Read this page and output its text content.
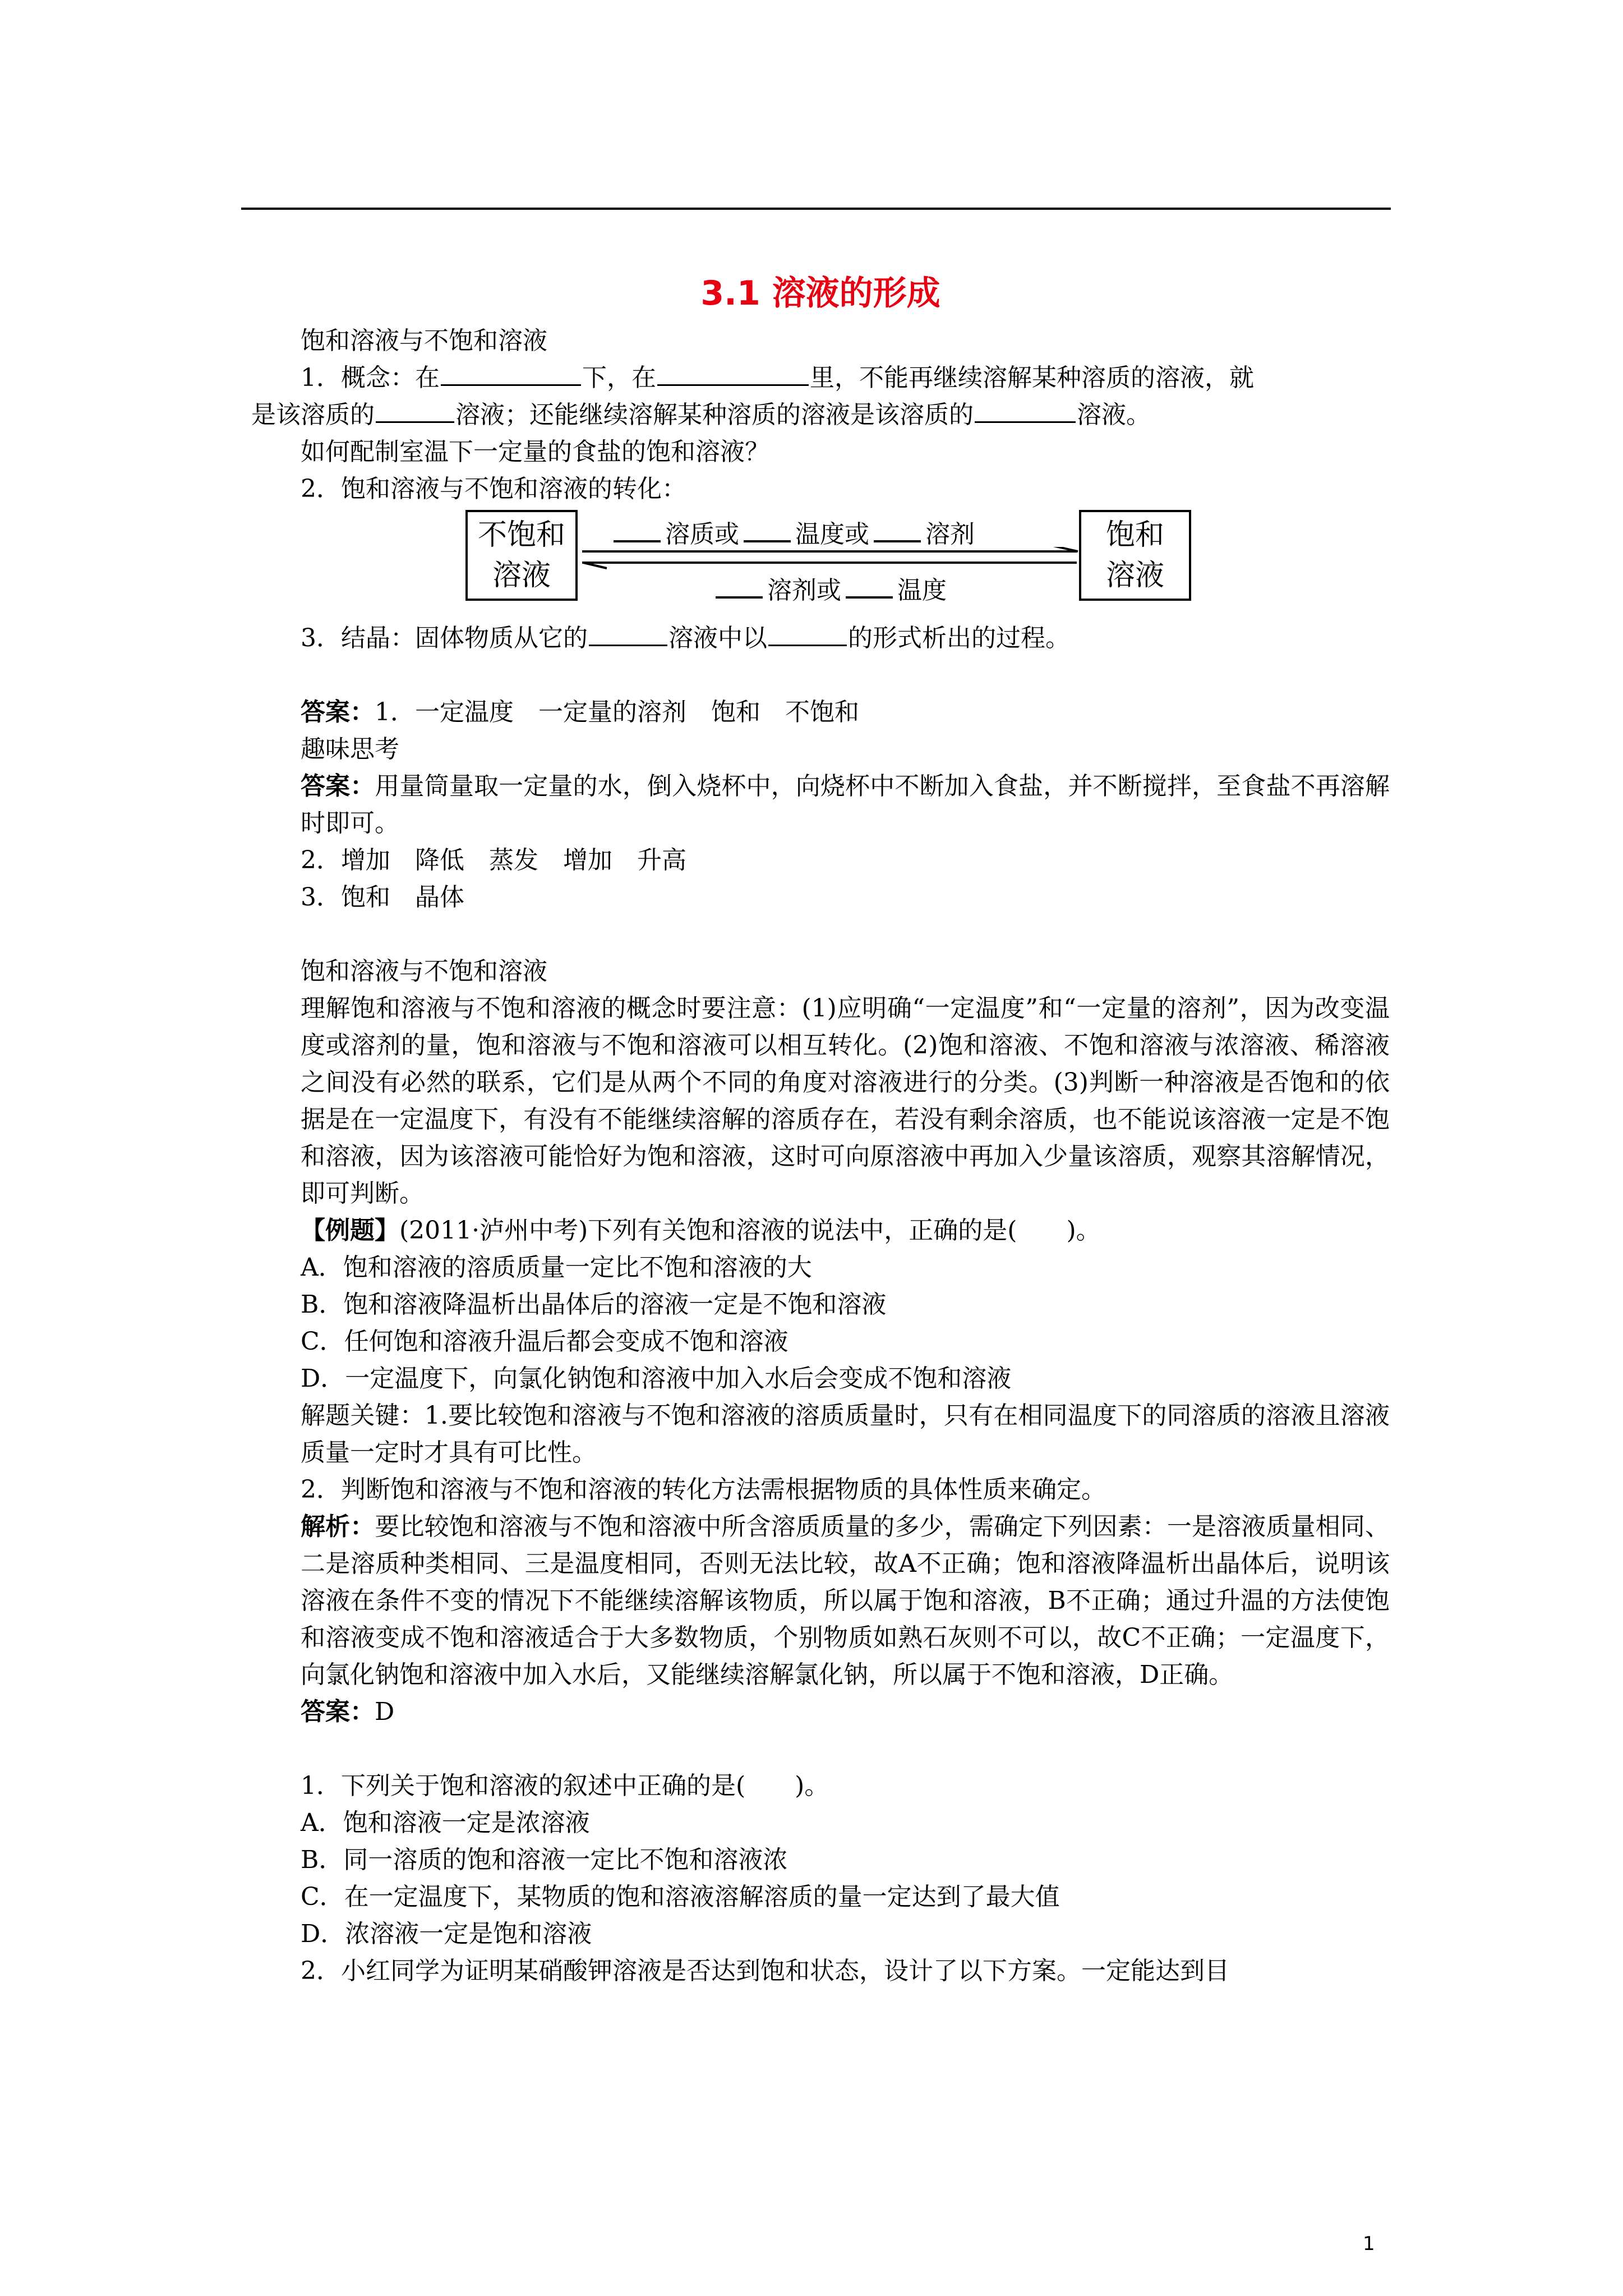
3.1 溶液的形成
饱和溶液与不饱和溶液
1．概念：在	下，在	里，不能再继续溶解某种溶质的溶液，就
是该溶质的	溶液；还能继续溶解某种溶质的溶液是该溶质的	溶液。
如何配制室温下一定量的食盐的饱和溶液？
2．饱和溶液与不饱和溶液的转化：
不饱和
溶液
溶质或 温度或 溶剂
溶剂或 温度
饱和
溶液
3．结晶：固体物质从它的	溶液中以	的形式析出的过程。
答案：1．一定温度　一定量的溶剂　饱和　不饱和
趣味思考
答案：用量筒量取一定量的水，倒入烧杯中，向烧杯中不断加入食盐，并不断搅拌，至食盐不再溶解时即可。
2．增加　降低　蒸发　增加　升高
3．饱和　晶体
饱和溶液与不饱和溶液
理解饱和溶液与不饱和溶液的概念时要注意：(1)应明确“一定温度”和“一定量的溶剂”，因为改变温度或溶剂的量，饱和溶液与不饱和溶液可以相互转化。(2)饱和溶液、不饱和溶液与浓溶液、稀溶液之间没有必然的联系，它们是从两个不同的角度对溶液进行的分类。(3)判断一种溶液是否饱和的依据是在一定温度下，有没有不能继续溶解的溶质存在，若没有剩余溶质，也不能说该溶液一定是不饱和溶液，因为该溶液可能恰好为饱和溶液，这时可向原溶液中再加入少量该溶质，观察其溶解情况，即可判断。
【例题】(2011·泸州中考)下列有关饱和溶液的说法中，正确的是(　　)。
A．饱和溶液的溶质质量一定比不饱和溶液的大
B．饱和溶液降温析出晶体后的溶液一定是不饱和溶液
C．任何饱和溶液升温后都会变成不饱和溶液
D．一定温度下，向氯化钠饱和溶液中加入水后会变成不饱和溶液
解题关键：1.要比较饱和溶液与不饱和溶液的溶质质量时，只有在相同温度下的同溶质的溶液且溶液质量一定时才具有可比性。
2．判断饱和溶液与不饱和溶液的转化方法需根据物质的具体性质来确定。
解析：要比较饱和溶液与不饱和溶液中所含溶质质量的多少，需确定下列因素：一是溶液质量相同、二是溶质种类相同、三是温度相同，否则无法比较，故A不正确；饱和溶液降温析出晶体后，说明该溶液在条件不变的情况下不能继续溶解该物质，所以属于饱和溶液，B不正确；通过升温的方法使饱和溶液变成不饱和溶液适合于大多数物质，个别物质如熟石灰则不可以，故C不正确；一定温度下，向氯化钠饱和溶液中加入水后，又能继续溶解氯化钠，所以属于不饱和溶液，D正确。
答案：D
1．下列关于饱和溶液的叙述中正确的是(　　)。
A．饱和溶液一定是浓溶液
B．同一溶质的饱和溶液一定比不饱和溶液浓
C．在一定温度下，某物质的饱和溶液溶解溶质的量一定达到了最大值
D．浓溶液一定是饱和溶液
2．小红同学为证明某硝酸钾溶液是否达到饱和状态，设计了以下方案。一定能达到目
1
